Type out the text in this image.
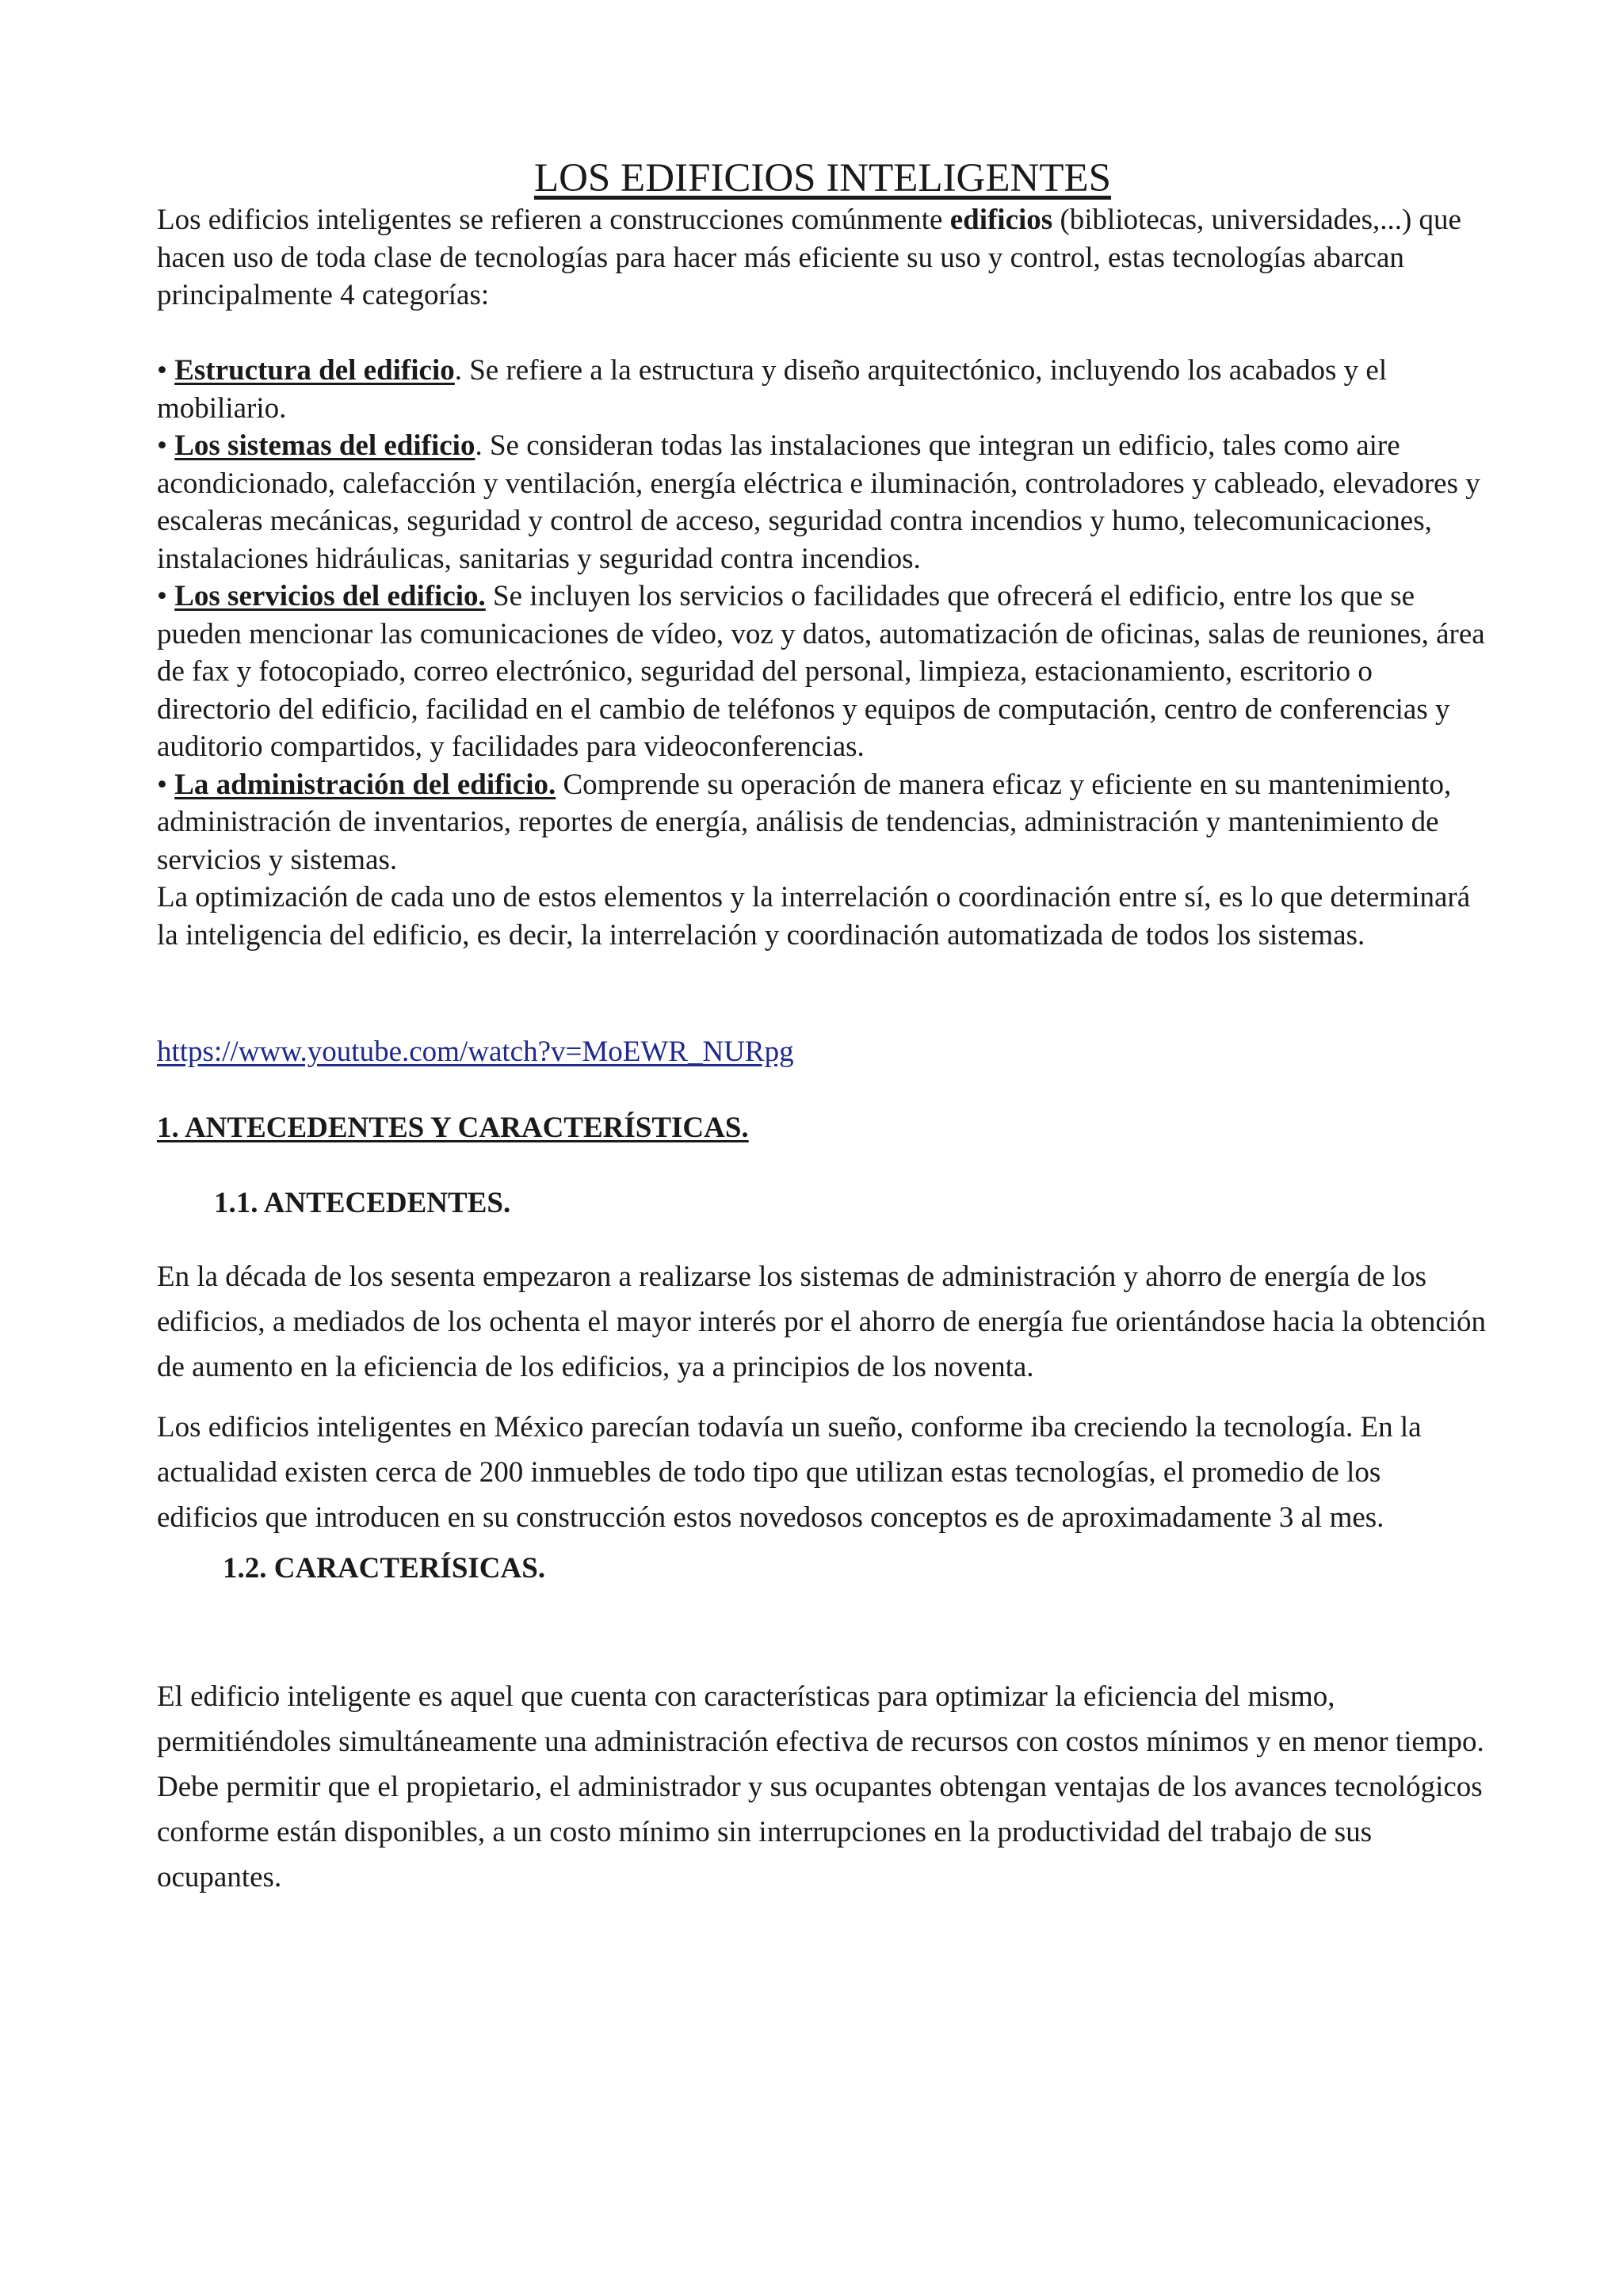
LOS EDIFICIOS INTELIGENTES

Los edificios inteligentes se refieren a construcciones comúnmente edificios (bibliotecas, universidades,...) que hacen uso de toda clase de tecnologías para hacer más eficiente su uso y control, estas tecnologías abarcan principalmente 4 categorías:

• Estructura del edificio. Se refiere a la estructura y diseño arquitectónico, incluyendo los acabados y el mobiliario.

• Los sistemas del edificio. Se consideran todas las instalaciones que integran un edificio, tales como aire acondicionado, calefacción y ventilación, energía eléctrica e iluminación, controladores y cableado, elevadores y escaleras mecánicas, seguridad y control de acceso, seguridad contra incendios y humo, telecomunicaciones, instalaciones hidráulicas, sanitarias y seguridad contra incendios.

• Los servicios del edificio. Se incluyen los servicios o facilidades que ofrecerá el edificio, entre los que se pueden mencionar las comunicaciones de vídeo, voz y datos, automatización de oficinas, salas de reuniones, área de fax y fotocopiado, correo electrónico, seguridad del personal, limpieza, estacionamiento, escritorio o directorio del edificio, facilidad en el cambio de teléfonos y equipos de computación, centro de conferencias y auditorio compartidos, y facilidades para videoconferencias.

• La administración del edificio. Comprende su operación de manera eficaz y eficiente en su mantenimiento, administración de inventarios, reportes de energía, análisis de tendencias, administración y mantenimiento de servicios y sistemas.

La optimización de cada uno de estos elementos y la interrelación o coordinación entre sí, es lo que determinará la inteligencia del edificio, es decir, la interrelación y coordinación automatizada de todos los sistemas.

https://www.youtube.com/watch?v=MoEWR_NURpg
1. ANTECEDENTES Y CARACTERÍSTICAS.
1.1. ANTECEDENTES.

En la década de los sesenta empezaron a realizarse los sistemas de administración y ahorro de energía de los edificios, a mediados de los ochenta el mayor interés por el ahorro de energía fue orientándose hacia la obtención de aumento en la eficiencia de los edificios, ya a principios de los noventa.

Los edificios inteligentes en México parecían todavía un sueño, conforme iba creciendo la tecnología. En la actualidad existen cerca de 200 inmuebles de todo tipo que utilizan estas tecnologías, el promedio de los edificios que introducen en su construcción estos novedosos conceptos es de aproximadamente 3 al mes.

1.2. CARACTERÍSICAS.

El edificio inteligente es aquel que cuenta con características para optimizar la eficiencia del mismo, permitiéndoles simultáneamente una administración efectiva de recursos con costos mínimos y en menor tiempo. Debe permitir que el propietario, el administrador y sus ocupantes obtengan ventajas de los avances tecnológicos conforme están disponibles, a un costo mínimo sin interrupciones en la productividad del trabajo de sus ocupantes.
